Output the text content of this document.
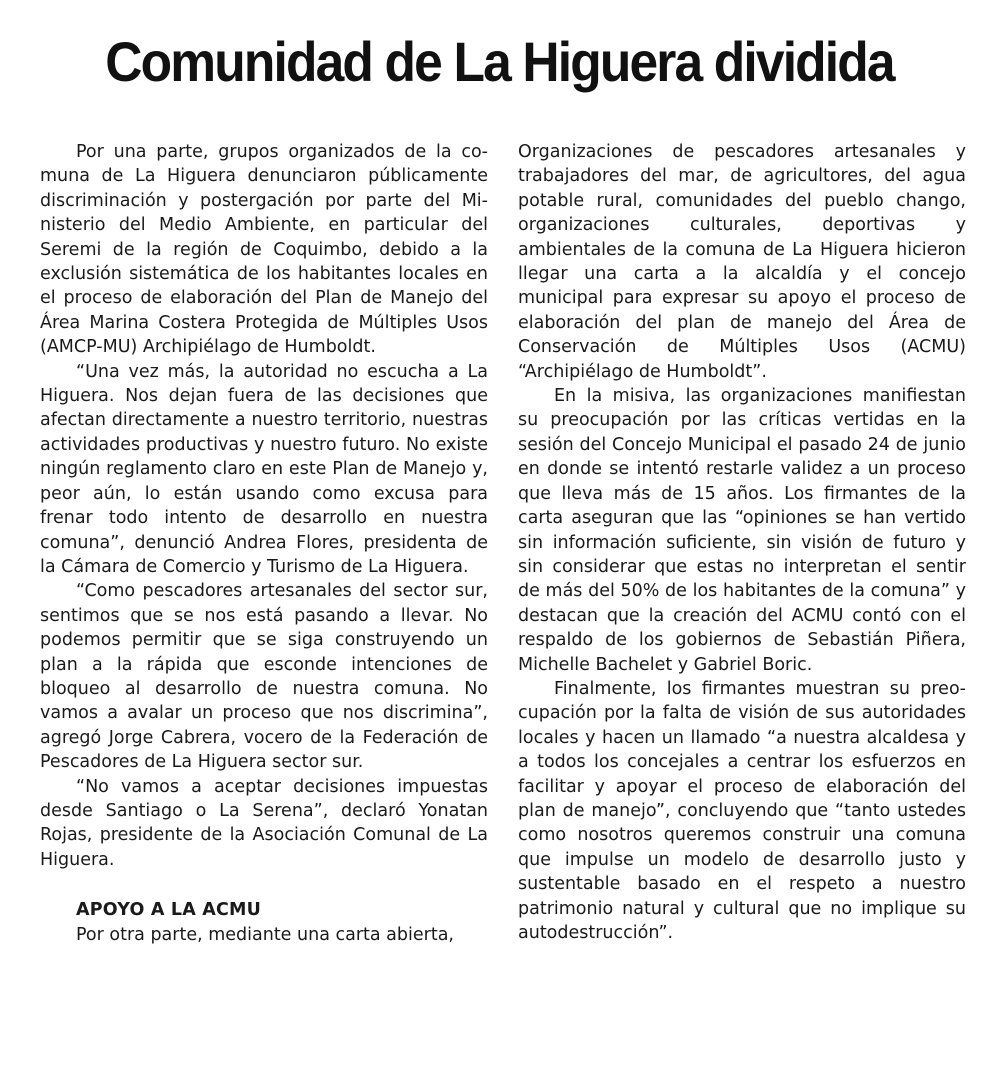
Comunidad de La Higuera dividida

Por una parte, grupos organizados de la comuna de La Higuera denunciaron públicamente discriminación y postergación por parte del Ministerio del Medio Ambiente, en particular del Seremi de la región de Coquimbo, debido a la exclusión sistemática de los habitantes locales en el proceso de elaboración del Plan de Manejo del Área Marina Costera Protegida de Múltiples Usos (AMCP-MU) Archipiélago de Humboldt.

“Una vez más, la autoridad no escucha a La Higuera. Nos dejan fuera de las decisiones que afectan directamente a nuestro territorio, nuestras actividades productivas y nuestro futuro. No existe ningún reglamento claro en este Plan de Manejo y, peor aún, lo están usando como excusa para frenar todo intento de desarrollo en nuestra comuna”, denunció Andrea Flores, presidenta de la Cámara de Comercio y Turismo de La Higuera.

“Como pescadores artesanales del sector sur, sentimos que se nos está pasando a llevar. No podemos permitir que se siga construyendo un plan a la rápida que esconde intenciones de bloqueo al desarrollo de nuestra comuna. No vamos a avalar un proceso que nos discrimina”, agregó Jorge Cabrera, vocero de la Federación de Pescadores de La Higuera sector sur.

“No vamos a aceptar decisiones impuestas desde Santiago o La Serena”, declaró Yonatan Rojas, presidente de la Asociación Comunal de La Higuera.

APOYO A LA ACMU

Por otra parte, mediante una carta abierta,

Organizaciones de pescadores artesanales y trabajadores del mar, de agricultores, del agua potable rural, comunidades del pueblo chango, organizaciones culturales, deportivas y ambientales de la comuna de La Higuera hicieron llegar una carta a la alcaldía y el concejo municipal para expresar su apoyo el proceso de elaboración del plan de manejo del Área de Conservación de Múltiples Usos (ACMU) “Archipiélago de Humboldt”.

En la misiva, las organizaciones manifiestan su preocupación por las críticas vertidas en la sesión del Concejo Municipal el pasado 24 de junio en donde se intentó restarle validez a un proceso que lleva más de 15 años. Los firmantes de la carta aseguran que las “opiniones se han vertido sin información suficiente, sin visión de futuro y sin considerar que estas no interpretan el sentir de más del 50% de los habitantes de la comuna” y destacan que la creación del ACMU contó con el respaldo de los gobiernos de Sebastián Piñera, Michelle Bachelet y Gabriel Boric.

Finalmente, los firmantes muestran su preocupación por la falta de visión de sus autoridades locales y hacen un llamado “a nuestra alcaldesa y a todos los concejales a centrar los esfuerzos en facilitar y apoyar el proceso de elaboración del plan de manejo”, concluyendo que “tanto ustedes como nosotros queremos construir una comuna que impulse un modelo de desarrollo justo y sustentable basado en el respeto a nuestro patrimonio natural y cultural que no implique su autodestrucción”.
